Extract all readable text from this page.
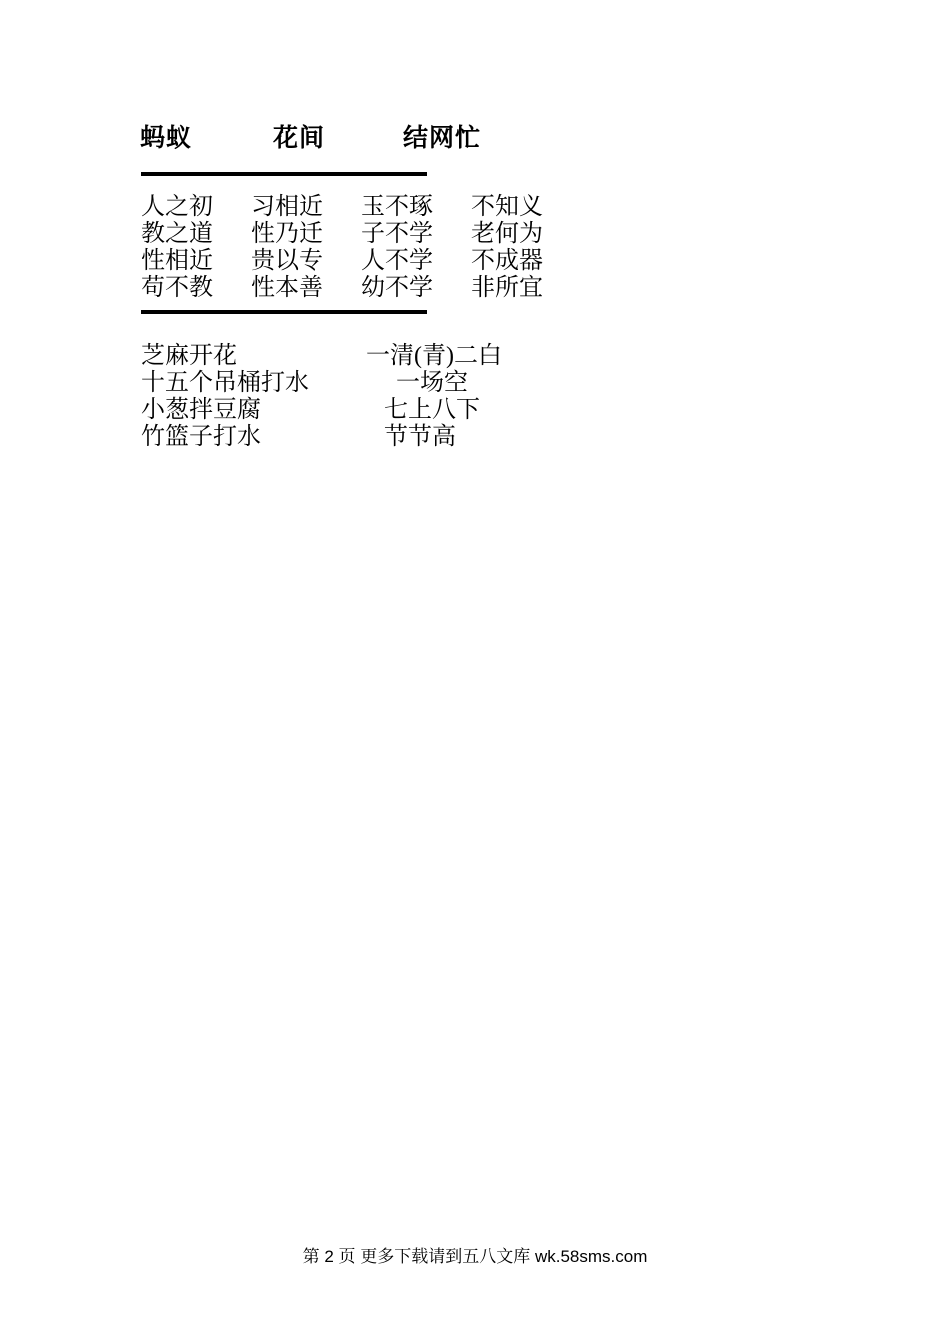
蚂蚁	花间	结网忙
人之初 习相近 玉不琢 不知义
教之道 性乃迁 子不学 老何为
性相近 贵以专 人不学 不成器
苟不教 性本善 幼不学 非所宜
芝麻开花	一清(青)二白
十五个吊桶打水	一场空
小葱拌豆腐	七上八下
竹篮子打水	节节高
第 2 页 更多下载请到五八文库 wk.58sms.com
